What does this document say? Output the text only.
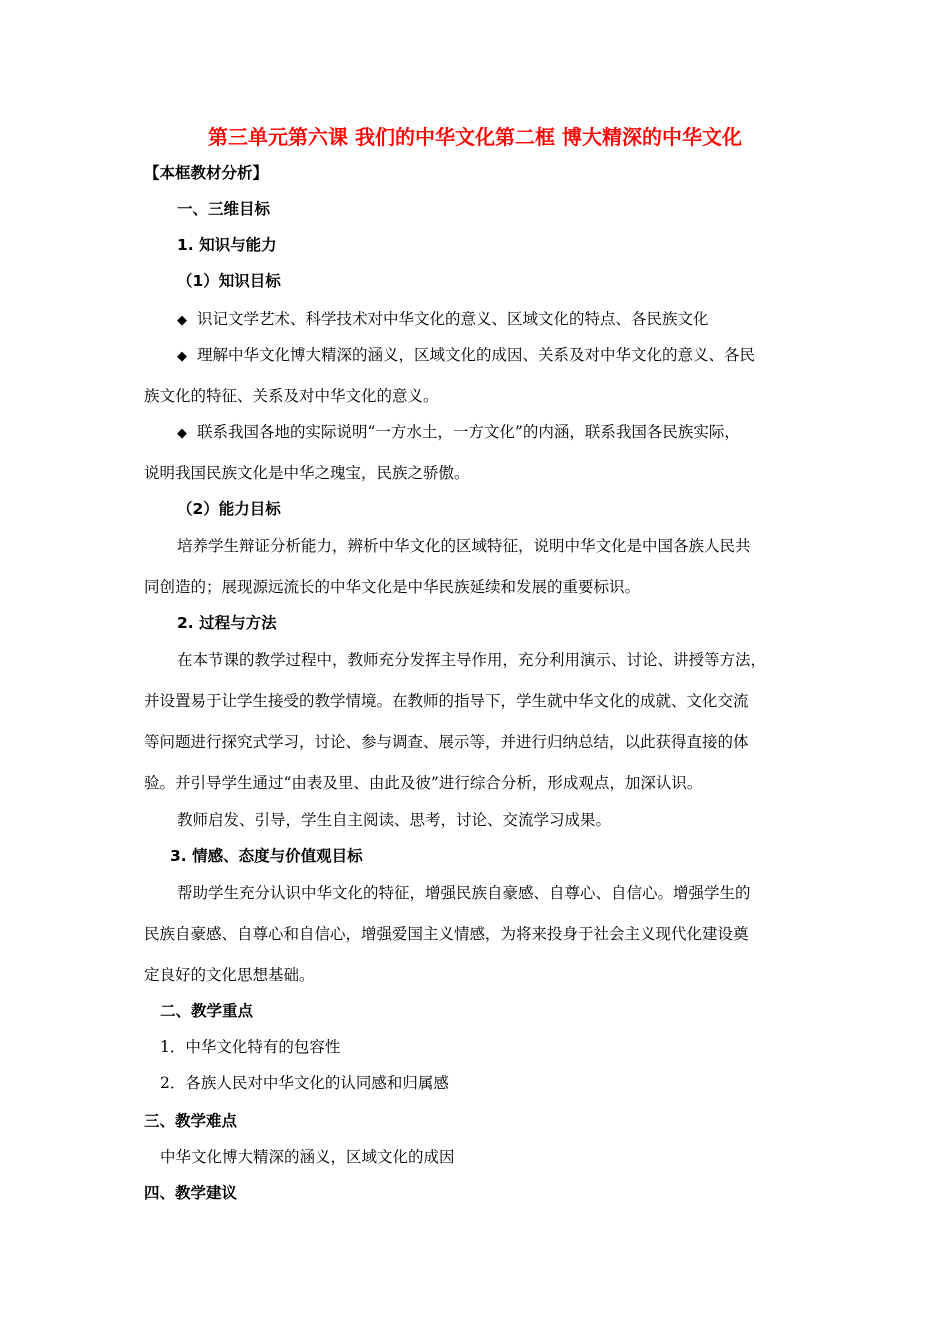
第三单元第六课 我们的中华文化第二框 博大精深的中华文化
【本框教材分析】
一、三维目标
1. 知识与能力
（1）知识目标
◆ 识记文学艺术、科学技术对中华文化的意义、区域文化的特点、各民族文化
◆ 理解中华文化博大精深的涵义，区域文化的成因、关系及对中华文化的意义、各民
族文化的特征、关系及对中华文化的意义。
◆ 联系我国各地的实际说明“一方水土，一方文化”的内涵，联系我国各民族实际，
说明我国民族文化是中华之瑰宝，民族之骄傲。
（2）能力目标
培养学生辩证分析能力，辨析中华文化的区域特征，说明中华文化是中国各族人民共
同创造的；展现源远流长的中华文化是中华民族延续和发展的重要标识。
2. 过程与方法
在本节课的教学过程中，教师充分发挥主导作用，充分利用演示、讨论、讲授等方法，
并设置易于让学生接受的教学情境。在教师的指导下，学生就中华文化的成就、文化交流
等问题进行探究式学习，讨论、参与调查、展示等，并进行归纳总结，以此获得直接的体
验。并引导学生通过“由表及里、由此及彼”进行综合分析，形成观点，加深认识。
教师启发、引导，学生自主阅读、思考，讨论、交流学习成果。
3. 情感、态度与价值观目标
帮助学生充分认识中华文化的特征，增强民族自豪感、自尊心、自信心。增强学生的
民族自豪感、自尊心和自信心，增强爱国主义情感，为将来投身于社会主义现代化建设奠
定良好的文化思想基础。
二、教学重点
1．中华文化特有的包容性
2．各族人民对中华文化的认同感和归属感
三、教学难点
中华文化博大精深的涵义，区域文化的成因
四、教学建议
